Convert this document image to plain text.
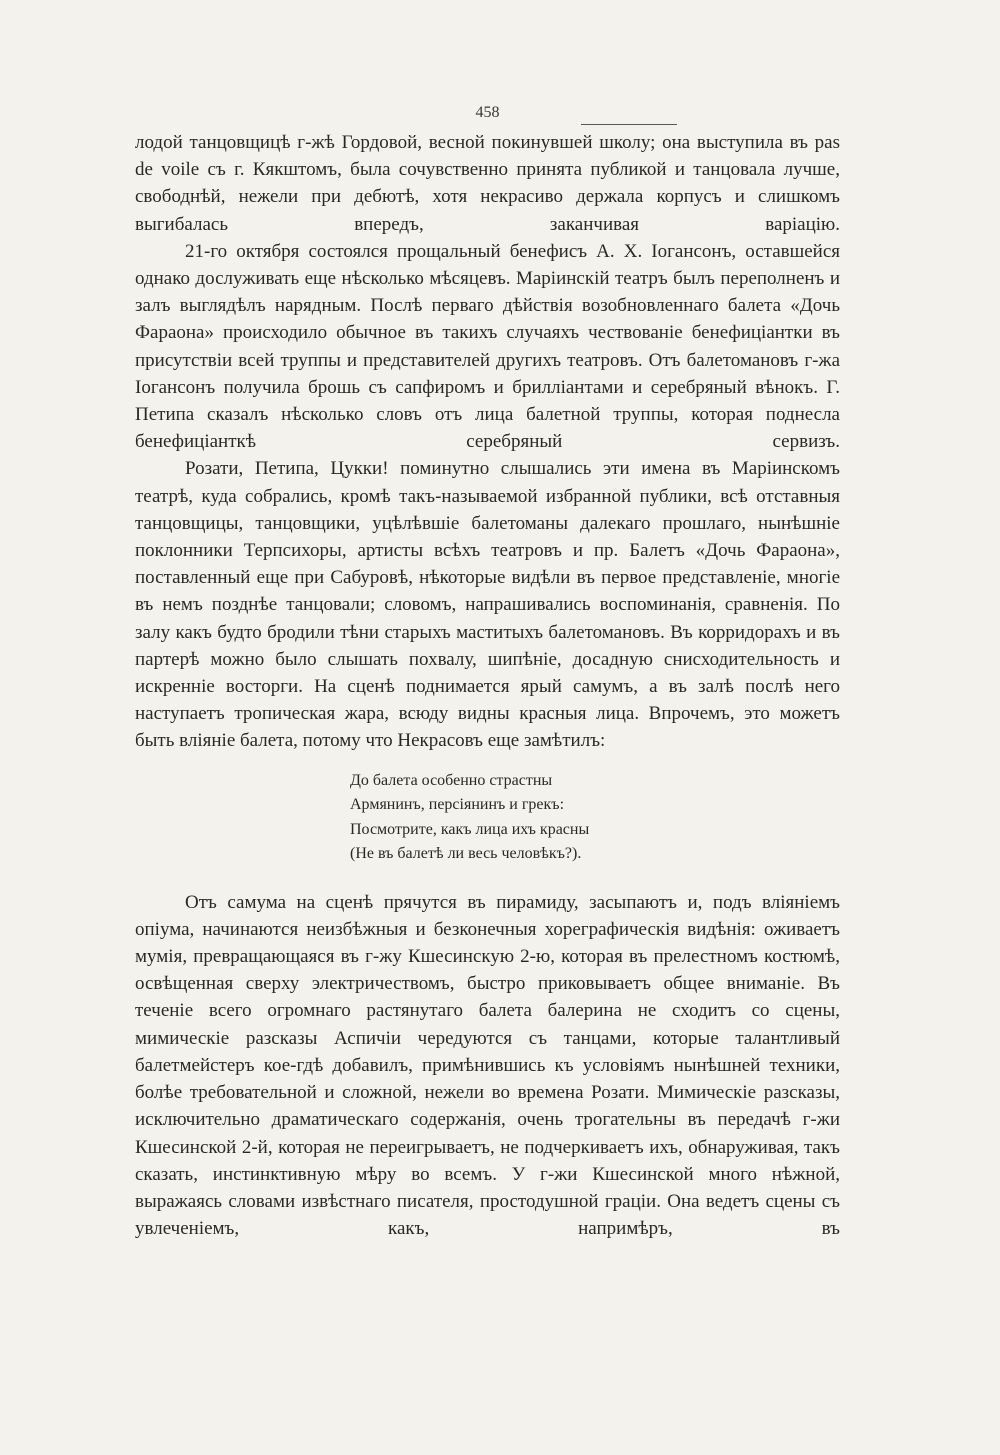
458

лодой танцовщицѣ г-жѣ Гордовой, весной покинувшей школу; она выступила въ pas de voile съ г. Кякштомъ, была сочувственно принята публикой и танцовала лучше, свободнѣй, нежели при дебютѣ, хотя некрасиво держала корпусъ и слишкомъ выгибалась впередъ, заканчивая варіацію.

21-го октября состоялся прощальный бенефисъ А. Х. Іогансонъ, оставшейся однако дослуживать еще нѣсколько мѣсяцевъ. Маріинскій театръ былъ переполненъ и залъ выглядѣлъ нарядным. Послѣ перваго дѣйствія возобновленнаго балета «Дочь Фараона» происходило обычное въ такихъ случаяхъ чествованіе бенефиціантки въ присутствіи всей труппы и представителей другихъ театровъ. Отъ балетомановъ г-жа Іогансонъ получила брошь съ сапфиромъ и бриллiантами и серебряный вѣнокъ. Г. Петипа сказалъ нѣсколько словъ отъ лица балетной труппы, которая поднесла бенефиціанткѣ серебряный сервизъ.

Розати, Петипа, Цукки! поминутно слышались эти имена въ Маріинскомъ театрѣ, куда собрались, кромѣ такъ-называемой избранной публики, всѣ отставныя танцовщицы, танцовщики, уцѣлѣвшіе балетоманы далекаго прошлаго, нынѣшніе поклонники Терпсихоры, артисты всѣхъ театровъ и пр. Балетъ «Дочь Фараона», поставленный еще при Сабуровѣ, нѣкоторые видѣли въ первое представленіе, многіе въ немъ позднѣе танцовали; словомъ, напрашивались воспоминанія, сравненія. По залу какъ будто бродили тѣни старыхъ маститыхъ балетомановъ. Въ корридорахъ и въ партерѣ можно было слышать похвалу, шипѣніе, досадную снисходительность и искренніе восторги. На сценѣ поднимается ярый самумъ, а въ залѣ послѣ него наступаетъ тропическая жара, всюду видны красныя лица. Впрочемъ, это можетъ быть вліяніе балета, потому что Некрасовъ еще замѣтилъ:

До балета особенно страстны
Армянинъ, персіянинъ и грекъ:
Посмотрите, какъ лица ихъ красны
(Не въ балетѣ ли весь человѣкъ?).

Отъ самума на сценѣ прячутся въ пирамиду, засыпаютъ и, подъ вліяніемъ опіума, начинаются неизбѣжныя и безконечныя хореграфическія видѣнія: оживаетъ мумія, превращающаяся въ г-жу Кшесинскую 2-ю, которая въ прелестномъ костюмѣ, освѣщенная сверху электричествомъ, быстро приковываетъ общее вниманіе. Въ теченіе всего огромнаго растянутаго балета балерина не сходитъ со сцены, мимическіе разсказы Аспичіи чередуются съ танцами, которые талантливый балетмейстеръ кое-гдѣ добавилъ, примѣнившись къ условіямъ нынѣшней техники, болѣе требовательной и сложной, нежели во времена Розати. Мимическіе разсказы, исключительно драматическаго содержанія, очень трогательны въ передачѣ г-жи Кшесинской 2-й, которая не переигрываетъ, не подчеркиваетъ ихъ, обнаруживая, такъ сказать, инстинктивную мѣру во всемъ. У г-жи Кшесинской много нѣжной, выражаясь словами извѣстнаго писателя, простодушной граціи. Она ведетъ сцены съ увлеченіемъ, какъ, напримѣръ, въ
